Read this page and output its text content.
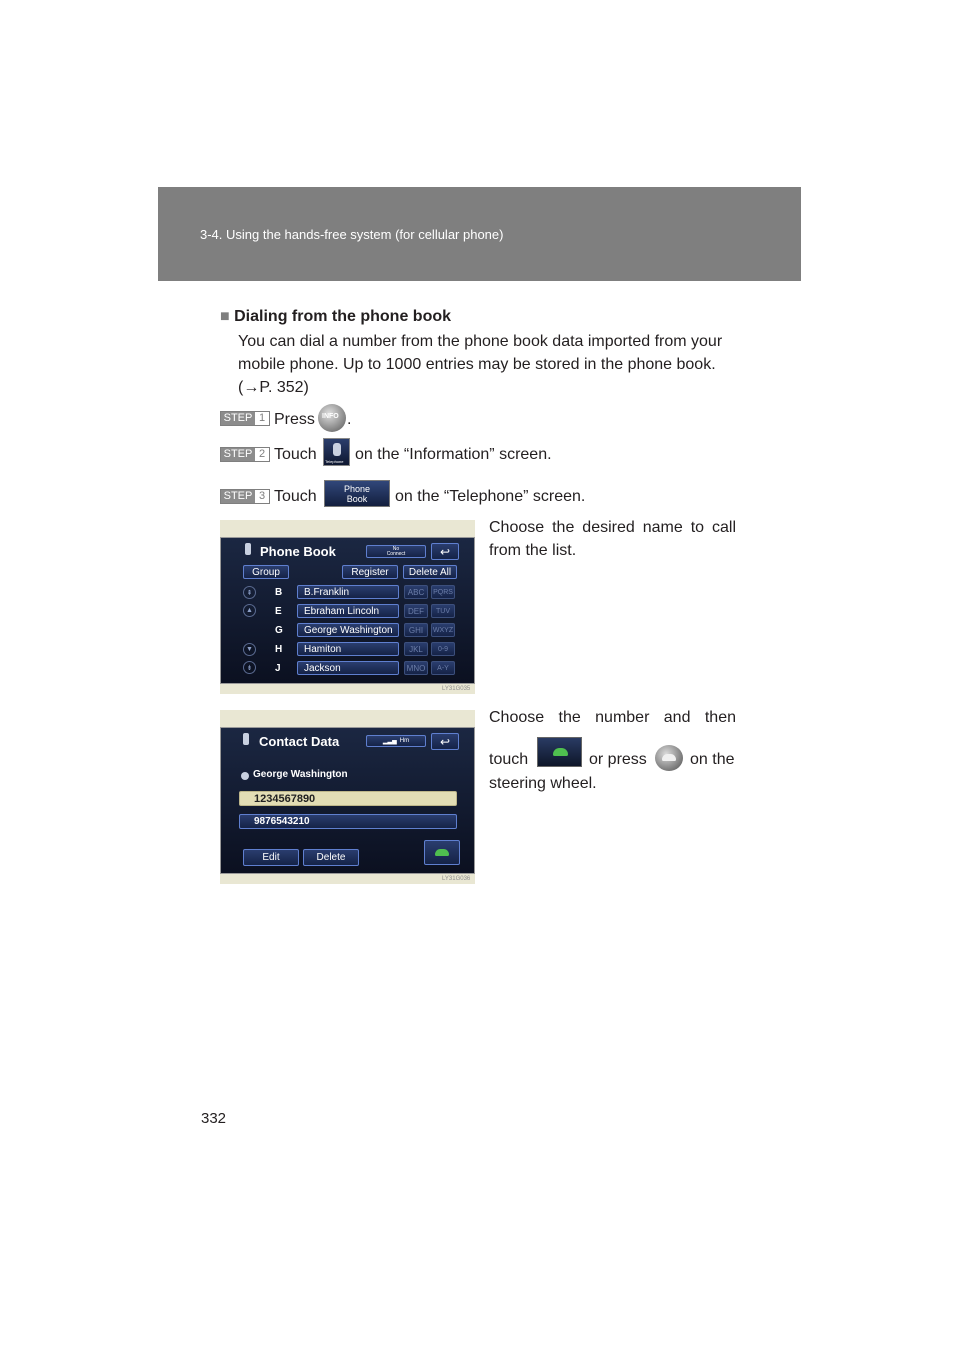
3-4. Using the hands-free system (for cellular phone)
■ Dialing from the phone book
You can dial a number from the phone book data imported from your
mobile phone. Up to 1000 entries may be stored in the phone book.
(→P. 352)
STEP 1 Press INFO .
STEP 2 Touch Telephone on the “Information” screen.
STEP 3 Touch	Phone
Book	on the “Telephone” screen.
Choose the desired name to call
from the list.
Phone Book	No
Connect	↩
Group	Register	Delete All
⇞
▲
▼
⇟
B	B.Franklin	ABC	PQRS
E	Ebraham Lincoln	DEF	TUV
G	George Washington	GHI	WXYZ
H	Hamiton	JKL	0-9
J	Jackson	MNO	A-Y
LY31G035
Choose the number and then
touch	or press	on the
steering wheel.
Contact Data	▂▃▅ Hm	↩
George Washington
1234567890
9876543210
Edit	Delete
LY31G036
332
